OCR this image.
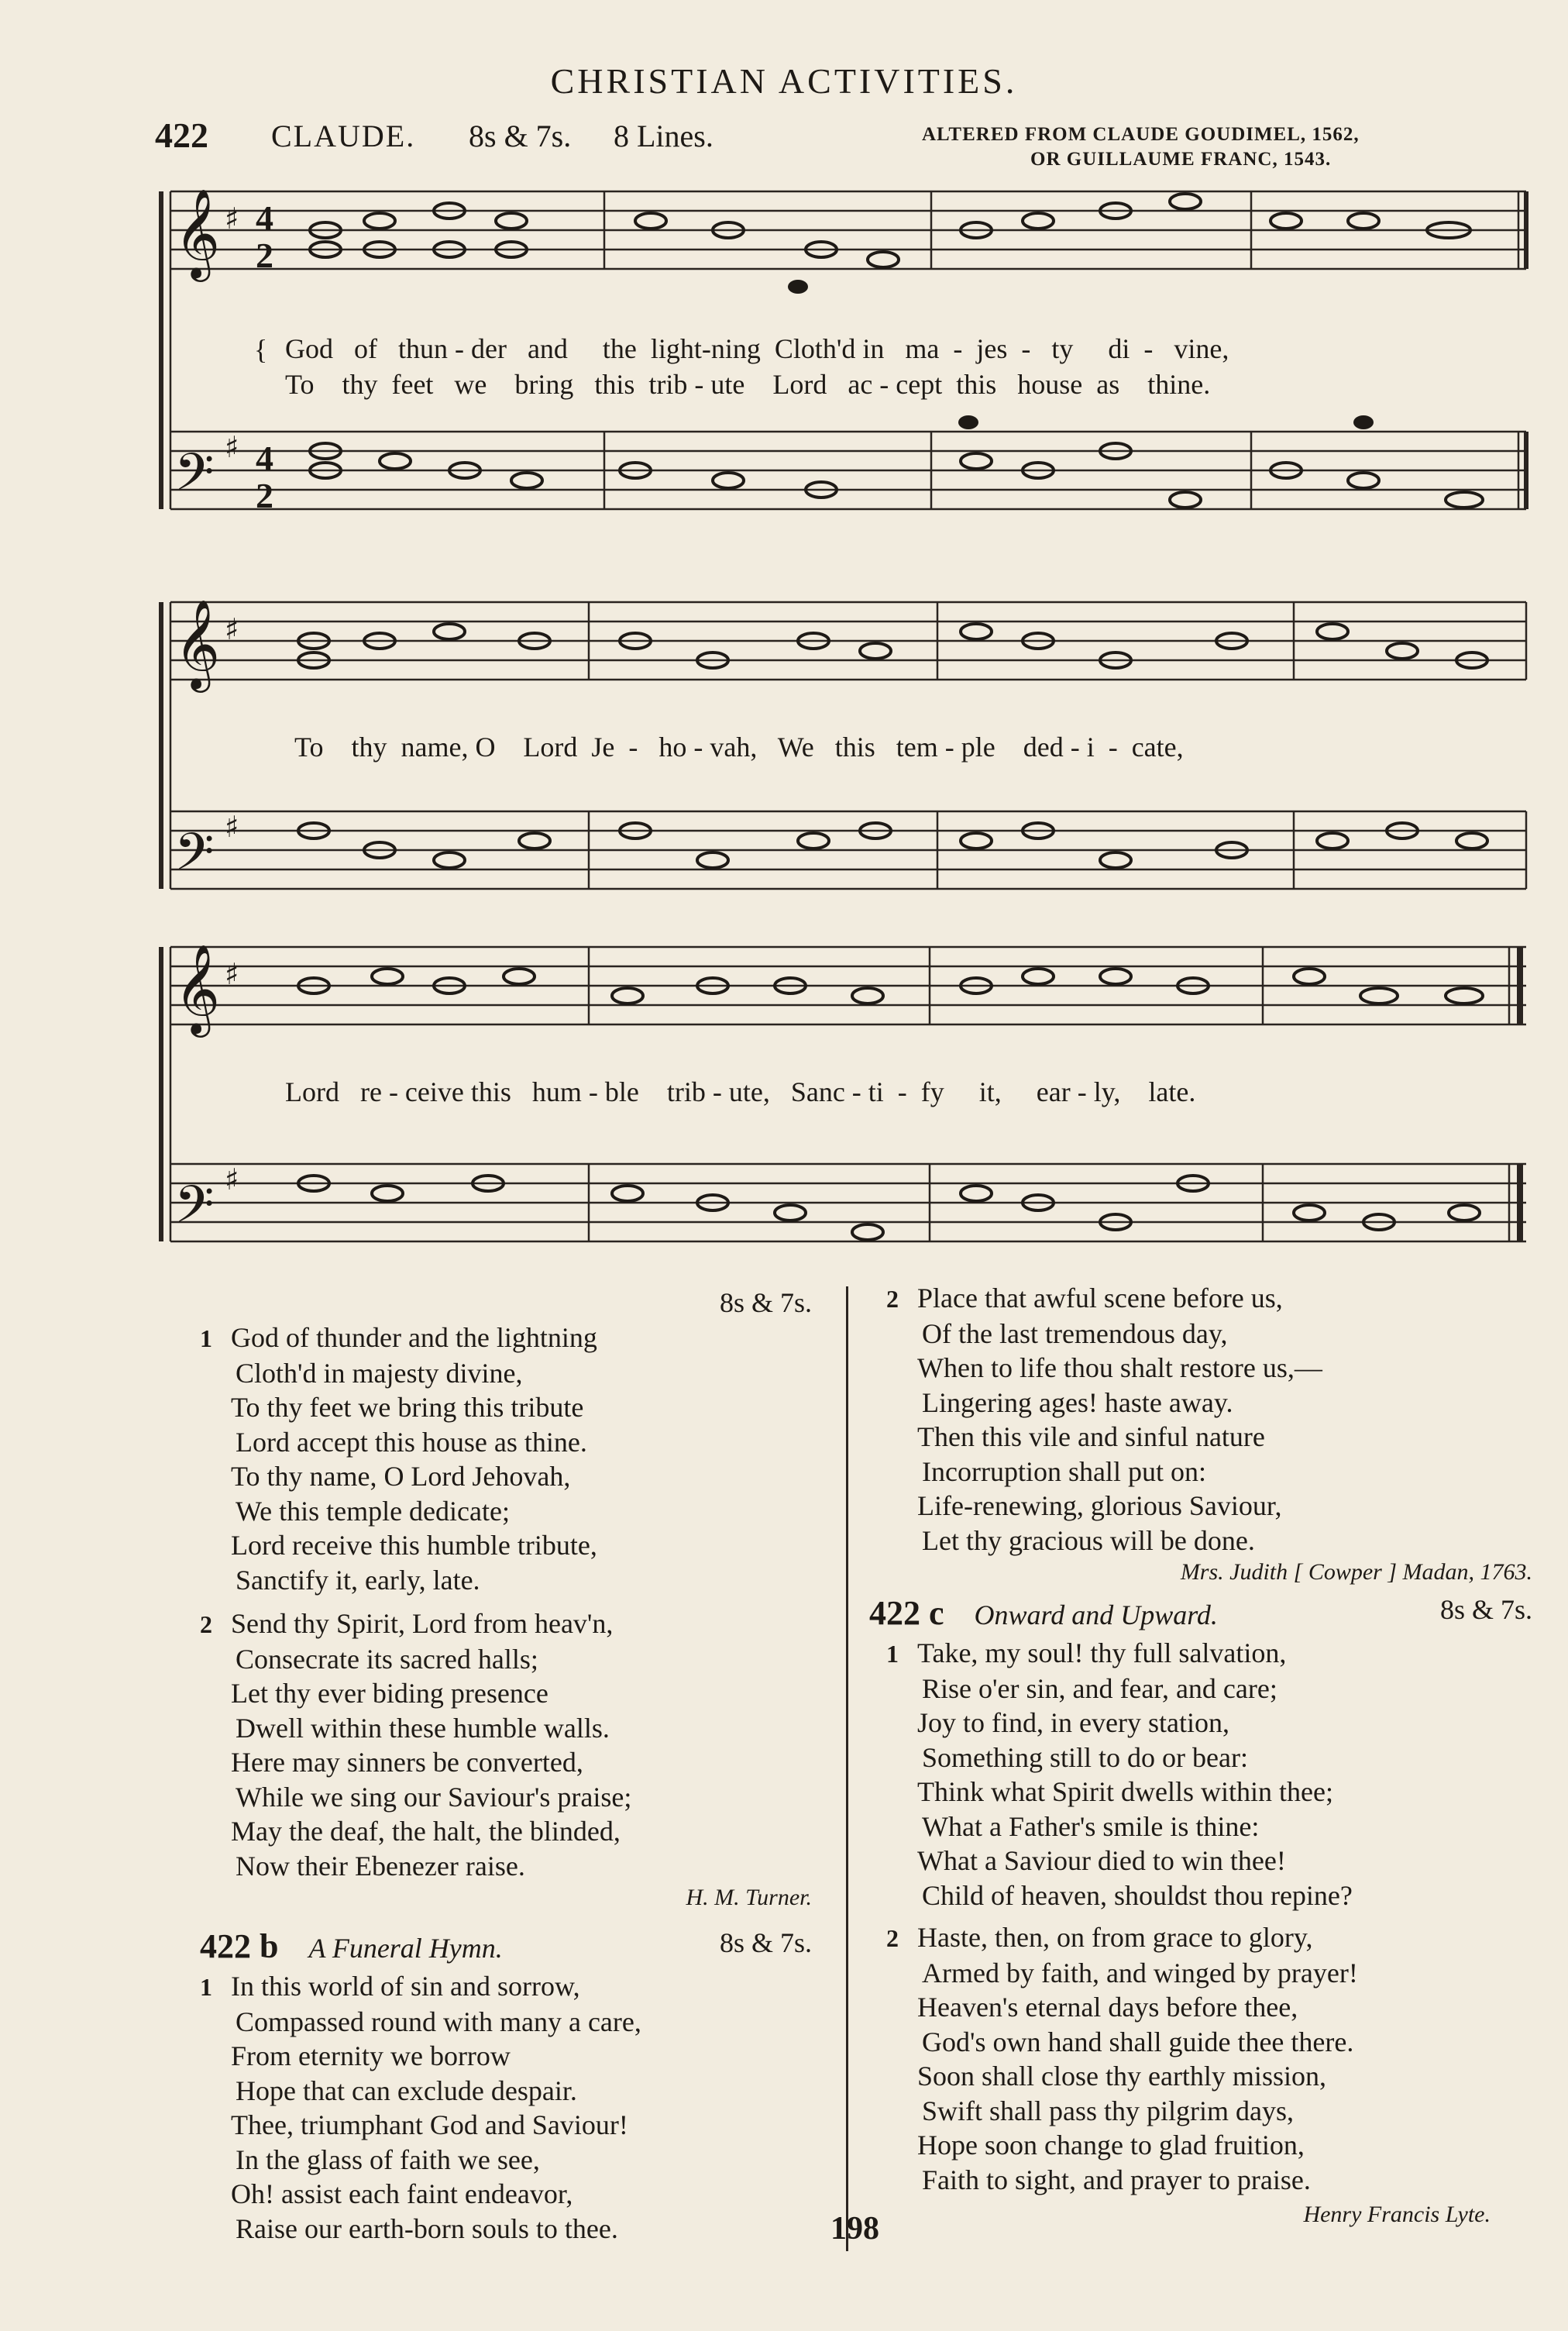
CHRISTIAN ACTIVITIES.
422 CLAUDE. 8s & 7s. 8 Lines.	ALTERED FROM CLAUDE GOUDIMEL, 1562,
OR GUILLAUME FRANC, 1543.
𝄞
𝄢
♯
♯
4
2
4
2
{ God   of   thun - der   and     the  light-ning  Cloth'd in   ma  -  jes  -   ty     di  -   vine,
To    thy  feet   we    bring   this  trib - ute    Lord   ac - cept  this   house  as    thine.
𝄞
𝄢
♯
♯
To    thy  name, O    Lord  Je  -   ho - vah,   We   this   tem - ple    ded - i  -  cate,
𝄞
𝄢
♯
♯
Lord   re - ceive this   hum - ble    trib - ute,   Sanc - ti  -  fy     it,     ear - ly,    late.
8s & 7s.
1 God of thunder and the lightning
Cloth'd in majesty divine,
To thy feet we bring this tribute
Lord accept this house as thine.
To thy name, O Lord Jehovah,
We this temple dedicate;
Lord receive this humble tribute,
Sanctify it, early, late.
2 Send thy Spirit, Lord from heav'n,
Consecrate its sacred halls;
Let thy ever biding presence
Dwell within these humble walls.
Here may sinners be converted,
While we sing our Saviour's praise;
May the deaf, the halt, the blinded,
Now their Ebenezer raise.
H. M. Turner.
422 b A Funeral Hymn.	8s & 7s.
1 In this world of sin and sorrow,
Compassed round with many a care,
From eternity we borrow
Hope that can exclude despair.
Thee, triumphant God and Saviour!
In the glass of faith we see,
Oh! assist each faint endeavor,
Raise our earth-born souls to thee.
2 Place that awful scene before us,
Of the last tremendous day,
When to life thou shalt restore us,—
Lingering ages! haste away.
Then this vile and sinful nature
Incorruption shall put on:
Life-renewing, glorious Saviour,
Let thy gracious will be done.
Mrs. Judith [ Cowper ] Madan, 1763.
422 c Onward and Upward.	8s & 7s.
1 Take, my soul! thy full salvation,
Rise o'er sin, and fear, and care;
Joy to find, in every station,
Something still to do or bear:
Think what Spirit dwells within thee;
What a Father's smile is thine:
What a Saviour died to win thee!
Child of heaven, shouldst thou repine?
2 Haste, then, on from grace to glory,
Armed by faith, and winged by prayer!
Heaven's eternal days before thee,
God's own hand shall guide thee there.
Soon shall close thy earthly mission,
Swift shall pass thy pilgrim days,
Hope soon change to glad fruition,
Faith to sight, and prayer to praise.
Henry Francis Lyte.
198
